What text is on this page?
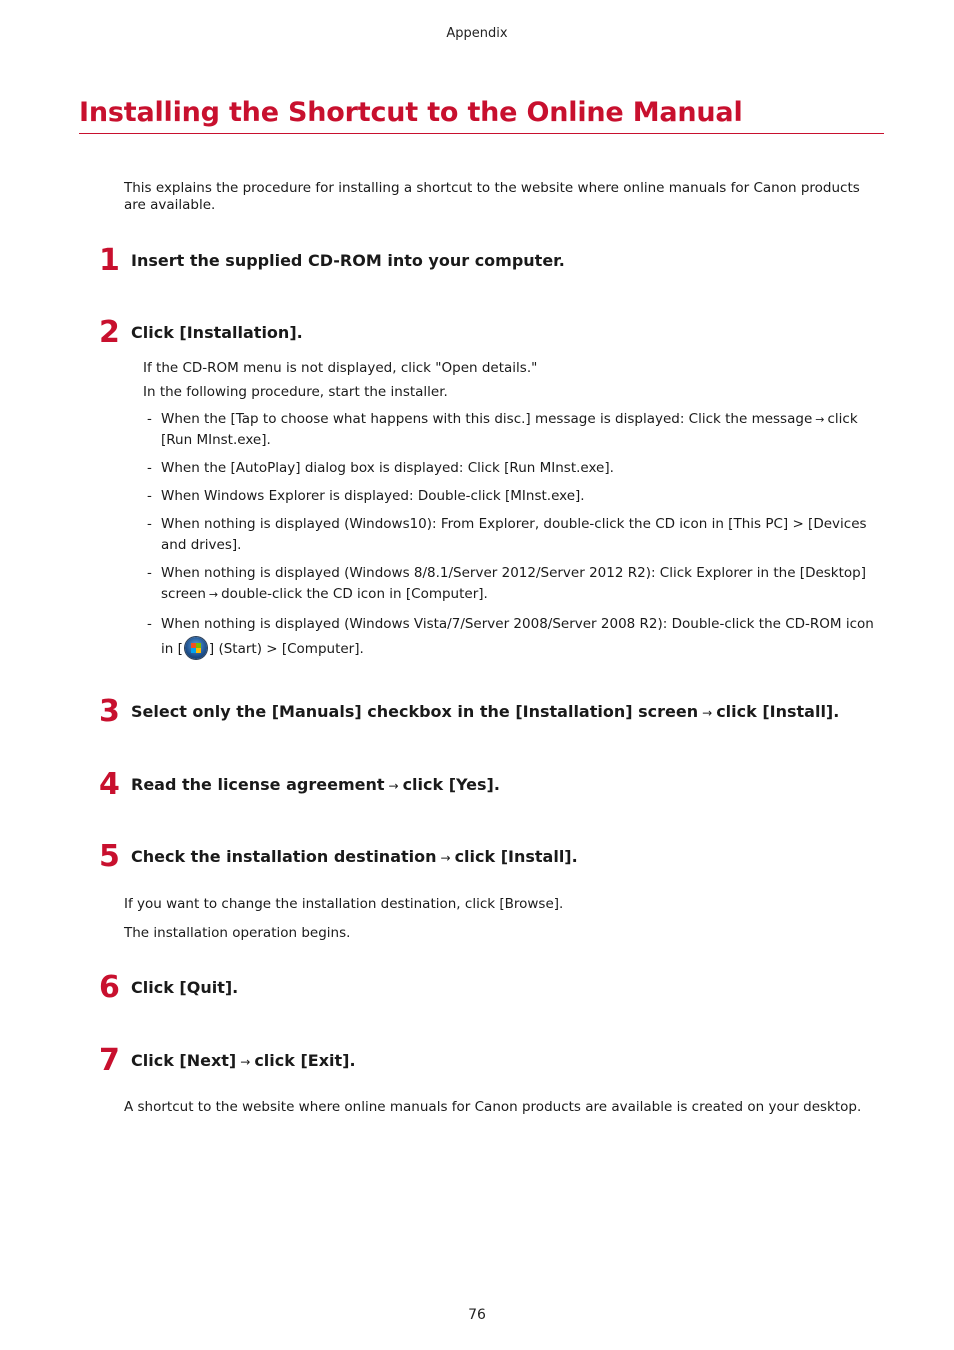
Appendix
Installing the Shortcut to the Online Manual

This explains the procedure for installing a shortcut to the website where online manuals for Canon products are available.

1 Insert the supplied CD-ROM into your computer.
2 Click [Installation].

If the CD-ROM menu is not displayed, click "Open details."

In the following procedure, start the installer.

- When the [Tap to choose what happens with this disc.] message is displayed: Click the message → click [Run MInst.exe].
- When the [AutoPlay] dialog box is displayed: Click [Run MInst.exe].
- When Windows Explorer is displayed: Double-click [MInst.exe].
- When nothing is displayed (Windows10): From Explorer, double-click the CD icon in [This PC] > [Devices and drives].
- When nothing is displayed (Windows 8/8.1/Server 2012/Server 2012 R2): Click Explorer in the [Desktop] screen → double-click the CD icon in [Computer].
- When nothing is displayed (Windows Vista/7/Server 2008/Server 2008 R2): Double-click the CD-ROM icon in [ ] (Start) > [Computer].
3 Select only the [Manuals] checkbox in the [Installation] screen → click [Install].
4 Read the license agreement → click [Yes].
5 Check the installation destination → click [Install].

If you want to change the installation destination, click [Browse].

The installation operation begins.

6 Click [Quit].
7 Click [Next] → click [Exit].

A shortcut to the website where online manuals for Canon products are available is created on your desktop.

76
